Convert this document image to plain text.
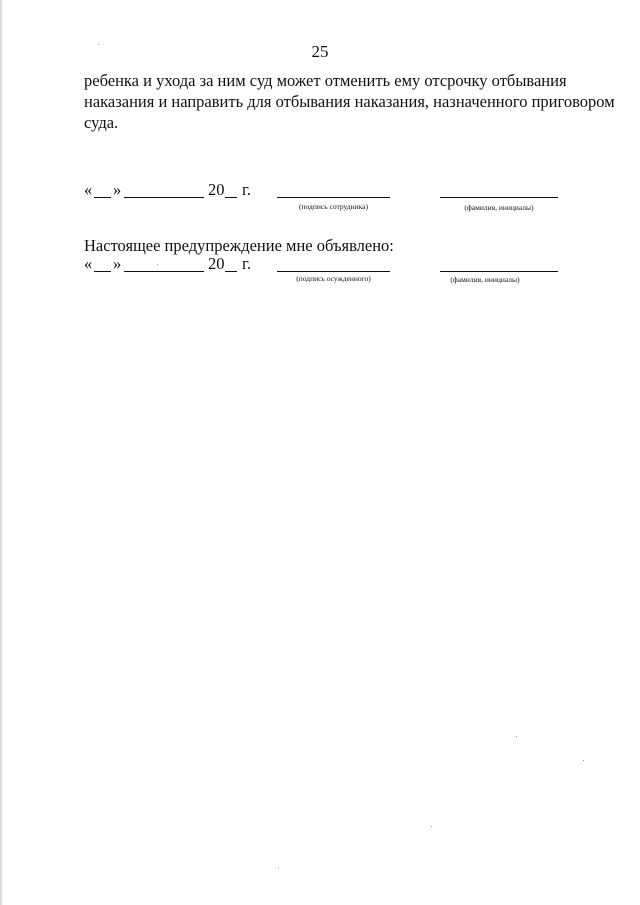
25

ребенка и ухода за ним суд может отменить ему отсрочку отбывания
наказания и направить для отбывания наказания, назначенного приговором
суда.

« »	20 г.
(подпись сотрудника)	(фамилия, инициалы)

Настоящее предупреждение мне объявлено:

« »	20 г.
(подпись осужденного)	(фамилия, инициалы)
